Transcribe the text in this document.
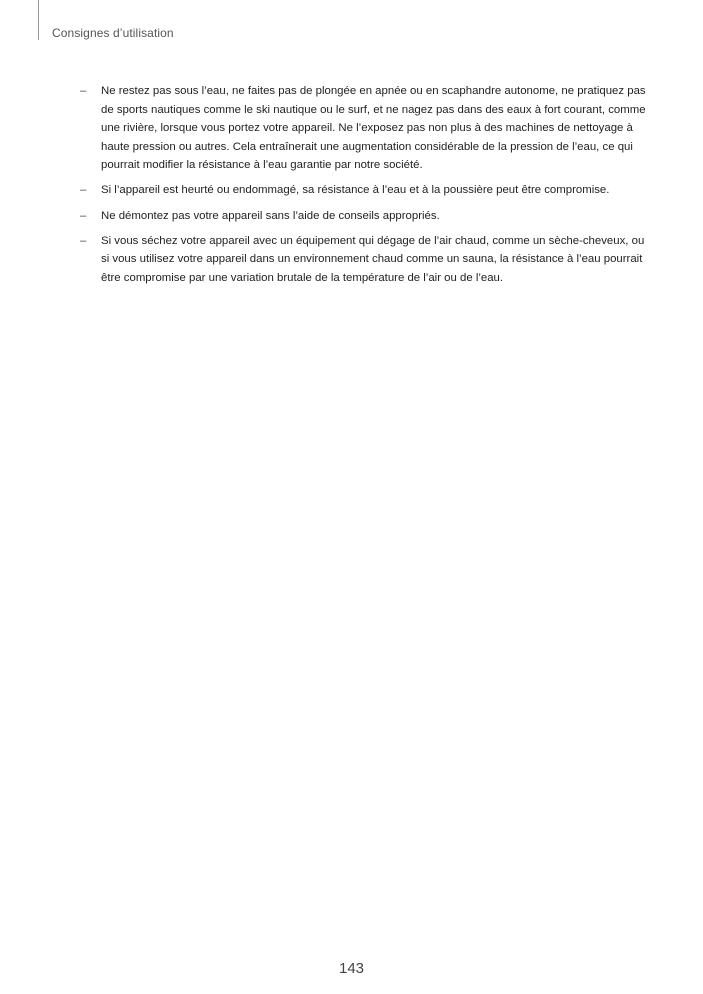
Consignes d’utilisation
– Ne restez pas sous l’eau, ne faites pas de plongée en apnée ou en scaphandre autonome, ne pratiquez pas de sports nautiques comme le ski nautique ou le surf, et ne nagez pas dans des eaux à fort courant, comme une rivière, lorsque vous portez votre appareil. Ne l’exposez pas non plus à des machines de nettoyage à haute pression ou autres. Cela entraînerait une augmentation considérable de la pression de l’eau, ce qui pourrait modifier la résistance à l’eau garantie par notre société.
– Si l’appareil est heurté ou endommagé, sa résistance à l’eau et à la poussière peut être compromise.
– Ne démontez pas votre appareil sans l’aide de conseils appropriés.
– Si vous séchez votre appareil avec un équipement qui dégage de l’air chaud, comme un sèche-cheveux, ou si vous utilisez votre appareil dans un environnement chaud comme un sauna, la résistance à l’eau pourrait être compromise par une variation brutale de la température de l’air ou de l’eau.
143
